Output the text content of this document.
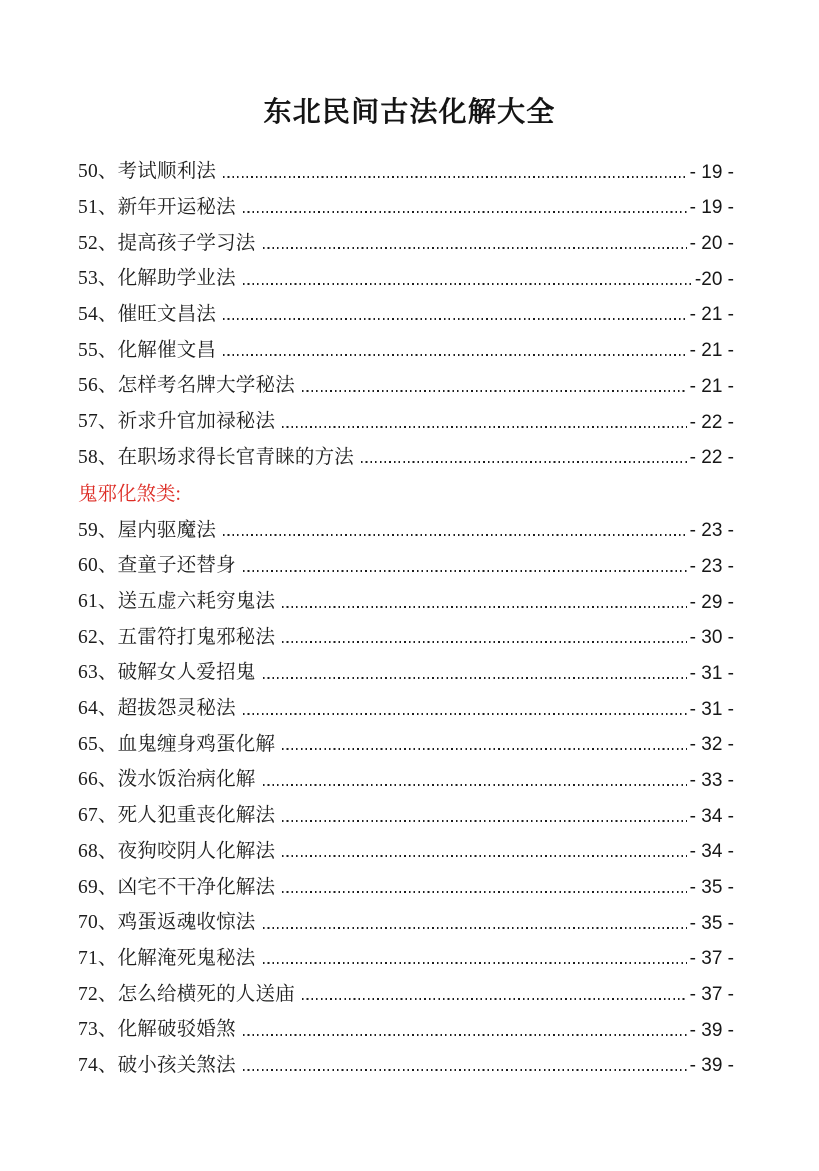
东北民间古法化解大全
50、考试顺利法	- 19 -
51、新年开运秘法	- 19 -
52、提高孩子学习法	- 20 -
53、化解助学业法	-20 -
54、催旺文昌法	- 21 -
55、化解催文昌	- 21 -
56、怎样考名牌大学秘法	- 21 -
57、祈求升官加禄秘法	- 22 -
58、在职场求得长官青睐的方法	- 22 -
鬼邪化煞类:
59、屋内驱魔法	- 23 -
60、查童子还替身	- 23 -
61、送五虚六耗穷鬼法	- 29 -
62、五雷符打鬼邪秘法	- 30 -
63、破解女人爱招鬼	- 31 -
64、超拔怨灵秘法	- 31 -
65、血鬼缠身鸡蛋化解	- 32 -
66、泼水饭治病化解	- 33 -
67、死人犯重丧化解法	- 34 -
68、夜狗咬阴人化解法	- 34 -
69、凶宅不干净化解法	- 35 -
70、鸡蛋返魂收惊法	- 35 -
71、化解淹死鬼秘法	- 37 -
72、怎么给横死的人送庙	- 37 -
73、化解破驳婚煞	- 39 -
74、破小孩关煞法	- 39 -
